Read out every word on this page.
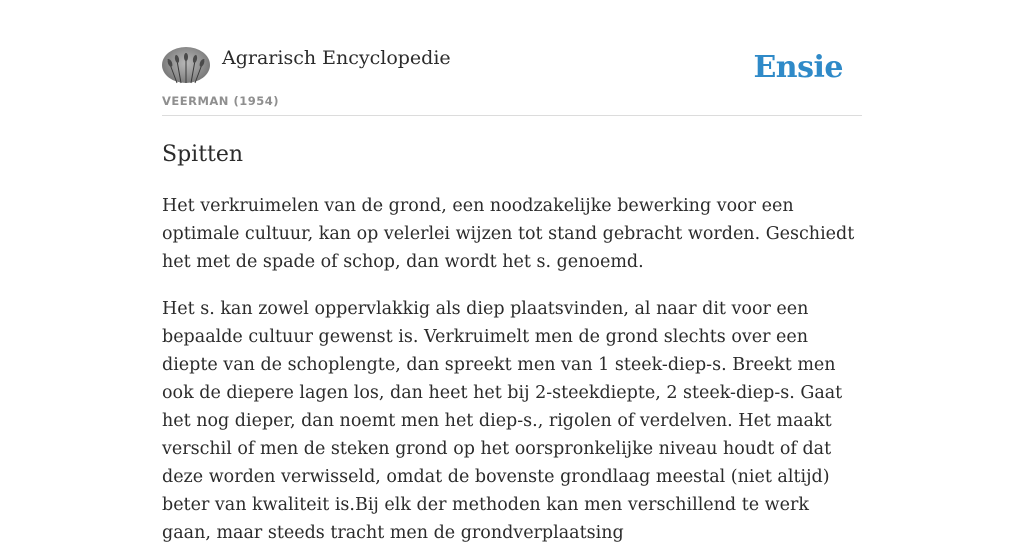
Agrarisch Encyclopedie
VEERMAN (1954)
Ensie
Spitten

Het verkruimelen van de grond, een noodzakelijke bewerking voor een optimale cultuur, kan op velerlei wijzen tot stand gebracht worden. Geschiedt het met de spade of schop, dan wordt het s. genoemd.

Het s. kan zowel oppervlakkig als diep plaatsvinden, al naar dit voor een bepaalde cultuur gewenst is. Verkruimelt men de grond slechts over een diepte van de schoplengte, dan spreekt men van 1 steek-diep-s. Breekt men ook de diepere lagen los, dan heet het bij 2-steekdiepte, 2 steek-diep-s. Gaat het nog dieper, dan noemt men het diep-s., rigolen of verdelven. Het maakt verschil of men de steken grond op het oorspronkelijke niveau houdt of dat deze worden verwisseld, omdat de bovenste grondlaag meestal (niet altijd) beter van kwaliteit is.Bij elk der methoden kan men verschillend te werk gaan, maar steeds tracht men de grondverplaatsing
